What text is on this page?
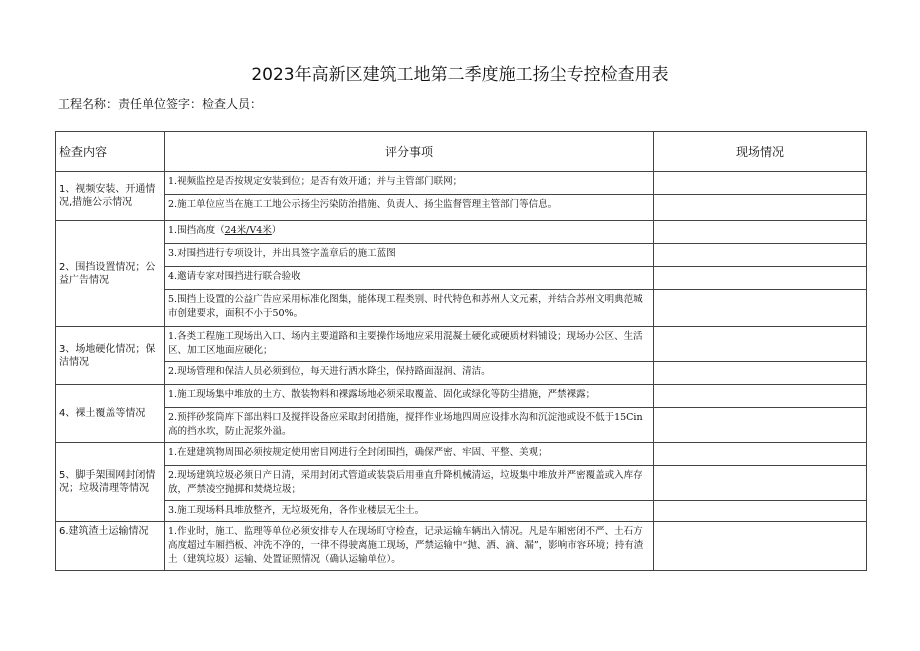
2023年高新区建筑工地第二季度施工扬尘专控检查用表
工程名称：责任单位签字：检查人员：
检查内容	评分事项	现场情况
1、视频安装、开通情况,措施公示情况	1.视频监控是否按规定安装到位；是否有效开通；并与主管部门联网；	
	2.施工单位应当在施工工地公示扬尘污染防治措施、负责人、扬尘监督管理主管部门等信息。	
2、围挡设置情况；公益广告情况	1.围挡高度（24米/V4米）	
	3.对围挡进行专项设计，并出具签字盖章后的施工蓝图	
	4.邀请专家对围挡进行联合验收	
	5.围挡上设置的公益广告应采用标准化图集，能体现工程类别、时代特色和苏州人文元素，并结合苏州文明典范城市创建要求，面积不小于50%。	
3、场地硬化情况；保洁情况	1.各类工程施工现场出入口、场内主要道路和主要操作场地应采用混凝土硬化或硬质材料铺设；现场办公区、生活区、加工区地面应硬化；	
	2.现场管理和保洁人员必须到位，每天进行洒水降尘，保持路面湿润、清洁。	
4、裸土覆盖等情况	1.施工现场集中堆放的土方、散装物料和裸露场地必须采取覆盖、固化或绿化等防尘措施，严禁裸露；	
	2.预拌砂浆筒库下部出料口及搅拌设备应采取封闭措施，搅拌作业场地四周应设排水沟和沉淀池或设不低于15Cin高的挡水坎，防止泥浆外溢。	
5、脚手架围网封闭情况；垃圾清理等情况	1.在建建筑物周围必须按规定使用密目网进行全封闭围挡，确保严密、牢固、平整、美观；	
	2.现场建筑垃圾必须日产日清，采用封闭式管道或装袋后用垂直升降机械清运，垃圾集中堆放并严密覆盖或入库存放，严禁凌空抛掷和焚烧垃圾；	
	3.施工现场料具堆放整齐，无垃圾死角，各作业楼层无尘土。	
6.建筑渣土运输情况	1.作业时，施工、监理等单位必须安排专人在现场盯守检查，记录运输车辆出入情况。凡是车厢密闭不严、土石方高度超过车厢挡板、冲洗不净的，一律不得驶离施工现场，严禁运输中“抛、洒、滴、漏”，影响市容环境；持有渣土（建筑垃圾）运输、处置证照情况（确认运输单位）。	
